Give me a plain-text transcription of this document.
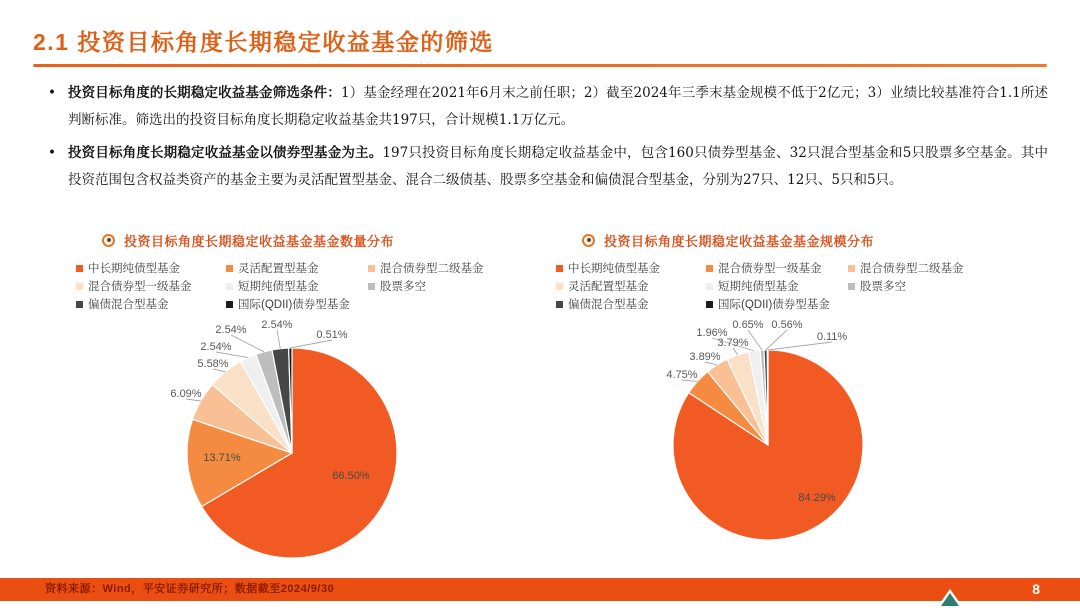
2.1 投资目标角度长期稳定收益基金的筛选
• 投资目标角度的长期稳定收益基金筛选条件：1）基金经理在2021年6月末之前任职；2）截至2024年三季末基金规模不低于2亿元；3）业绩比较基准符合1.1所述判断标准。筛选出的投资目标角度长期稳定收益基金共197只，合计规模1.1万亿元。
• 投资目标角度长期稳定收益基金以债券型基金为主。197只投资目标角度长期稳定收益基金中，包含160只债券型基金、32只混合型基金和5只股票多空基金。其中投资范围包含权益类资产的基金主要为灵活配置型基金、混合二级债基、股票多空基金和偏债混合型基金，分别为27只、12只、5只和5只。
投资目标角度长期稳定收益基金基金数量分布
中长期纯债型基金	灵活配置型基金	混合债券型二级基金
混合债券型一级基金	短期纯债型基金	股票多空
偏债混合型基金	国际(QDII)债券型基金
66.50%
13.71%
6.09%
5.58%
2.54%
2.54% 2.54%
0.51%
投资目标角度长期稳定收益基金基金规模分布
中长期纯债型基金	混合债券型一级基金	混合债券型二级基金
灵活配置型基金	短期纯债型基金	股票多空
偏债混合型基金	国际(QDII)债券型基金
84.29%
4.75%
3.89%
3.79%
1.96%
0.65% 0.56%
0.11%
资料来源：Wind，平安证券研究所；数据截至2024/9/30	8
